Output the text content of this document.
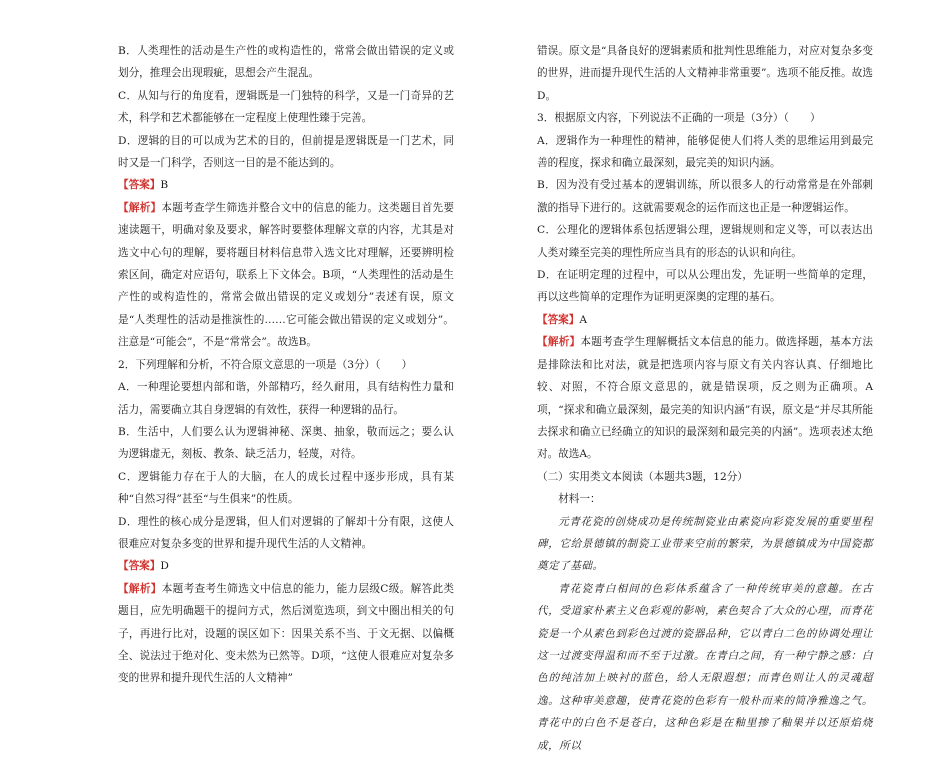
B．人类理性的活动是生产性的或构造性的，常常会做出错误的定义或划分，推理会出现瑕疵，思想会产生混乱。

C．从知与行的角度看，逻辑既是一门独特的科学，又是一门奇异的艺术，科学和艺术都能够在一定程度上使理性臻于完善。

D．逻辑的目的可以成为艺术的目的，但前提是逻辑既是一门艺术，同时又是一门科学，否则这一目的是不能达到的。

【答案】B

【解析】本题考查学生筛选并整合文中的信息的能力。这类题目首先要速读题干，明确对象及要求，解答时要整体理解文章的内容，尤其是对选文中心句的理解，要将题目材料信息带入选文比对理解，还要辨明检索区间，确定对应语句，联系上下文体会。B项，“人类理性的活动是生产性的或构造性的，常常会做出错误的定义或划分”表述有误，原文是“人类理性的活动是推演性的……它可能会做出错误的定义或划分”。注意是“可能会”，不是“常常会”。故选B。

2．下列理解和分析，不符合原文意思的一项是（3分）（　　）

A．一种理论要想内部和谐，外部精巧，经久耐用，具有结构性力量和活力，需要确立其自身逻辑的有效性，获得一种逻辑的品行。

B．生活中，人们要么认为逻辑神秘、深奥、抽象，敬而远之；要么认为逻辑虚无，刻板、教条、缺乏活力，轻蔑，对待。

C．逻辑能力存在于人的大脑，在人的成长过程中逐步形成，具有某种“自然习得”甚至“与生俱来”的性质。

D．理性的核心成分是逻辑，但人们对逻辑的了解却十分有限，这使人很难应对复杂多变的世界和提升现代生活的人文精神。

【答案】D

【解析】本题考查考生筛选文中信息的能力，能力层级C级。解答此类题目，应先明确题干的提问方式，然后浏览选项，到文中圈出相关的句子，再进行比对，设题的误区如下：因果关系不当、于文无据、以偏概全、说法过于绝对化、变未然为已然等。D项，“这使人很难应对复杂多变的世界和提升现代生活的人文精神”

错误。原文是“具备良好的逻辑素质和批判性思维能力，对应对复杂多变的世界，进而提升现代生活的人文精神非常重要”。选项不能反推。故选D。

3．根据原文内容，下列说法不正确的一项是（3分）（　　）

A．逻辑作为一种理性的精神，能够促使人们将人类的思维运用到最完善的程度，探求和确立最深刻，最完美的知识内涵。

B．因为没有受过基本的逻辑训练，所以很多人的行动常常是在外部刺激的指导下进行的。这就需要观念的运作而这也正是一种逻辑运作。

C．公理化的逻辑体系包括逻辑公理，逻辑规则和定义等，可以表达出人类对臻至完美的理性所应当具有的形态的认识和向往。

D．在证明定理的过程中，可以从公理出发，先证明一些简单的定理，再以这些简单的定理作为证明更深奥的定理的基石。

【答案】A

【解析】本题考查学生理解概括文本信息的能力。做选择题，基本方法是排除法和比对法，就是把选项内容与原文有关内容认真、仔细地比较、对照，不符合原文意思的，就是错误项，反之则为正确项。A项，“探求和确立最深刻，最完美的知识内涵”有误，原文是“并尽其所能去探求和确立已经确立的知识的最深刻和最完美的内涵”。选项表述太绝对。故选A。

（二）实用类文本阅读（本题共3题，12分）

材料一：

元青花瓷的创烧成功是传统制瓷业由素瓷向彩瓷发展的重要里程碑，它给景德镇的制瓷工业带来空前的繁荣，为景德镇成为中国瓷都奠定了基础。

青花瓷青白相间的色彩体系蕴含了一种传统审美的意趣。在古代，受道家朴素主义色彩观的影响，素色契合了大众的心理，而青花瓷是一个从素色到彩色过渡的瓷器品种，它以青白二色的协调处理让这一过渡变得温和而不至于过激。在青白之间，有一种宁静之感：白色的纯洁加上映衬的蓝色，给人无限遐想；而青色则让人的灵魂超逸。这种审美意趣，使青花瓷的色彩有一般朴而来的简净雅逸之气。青花中的白色不是苍白，这种色彩是在釉里掺了釉果并以还原焰烧成，所以
